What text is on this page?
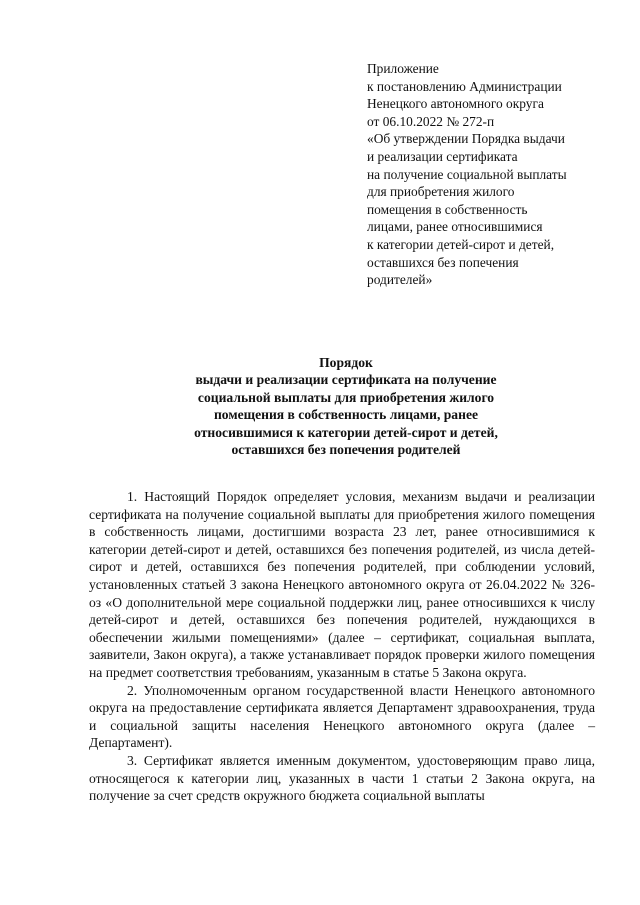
Приложение
к постановлению Администрации
Ненецкого автономного округа
от 06.10.2022 № 272-п
«Об утверждении Порядка выдачи
и реализации сертификата
на получение социальной выплаты
для приобретения жилого
помещения в собственность
лицами, ранее относившимися
к категории детей-сирот и детей,
оставшихся без попечения
родителей»
Порядок
выдачи и реализации сертификата на получение
социальной выплаты для приобретения жилого
помещения в собственность лицами, ранее
относившимися к категории детей-сирот и детей,
оставшихся без попечения родителей

1. Настоящий Порядок определяет условия, механизм выдачи и реализации сертификата на получение социальной выплаты для приобретения жилого помещения в собственность лицами, достигшими возраста 23 лет, ранее относившимися к категории детей-сирот и детей, оставшихся без попечения родителей, из числа детей-сирот и детей, оставшихся без попечения родителей, при соблюдении условий, установленных статьей 3 закона Ненецкого автономного округа от 26.04.2022 № 326-оз «О дополнительной мере социальной поддержки лиц, ранее относившихся к числу детей-сирот и детей, оставшихся без попечения родителей, нуждающихся в обеспечении жилыми помещениями» (далее – сертификат, социальная выплата, заявители, Закон округа), а также устанавливает порядок проверки жилого помещения на предмет соответствия требованиям, указанным в статье 5 Закона округа.

2. Уполномоченным органом государственной власти Ненецкого автономного округа на предоставление сертификата является Департамент здравоохранения, труда и социальной защиты населения Ненецкого автономного округа (далее – Департамент).

3. Сертификат является именным документом, удостоверяющим право лица, относящегося к категории лиц, указанных в части 1 статьи 2 Закона округа, на получение за счет средств окружного бюджета социальной выплаты
